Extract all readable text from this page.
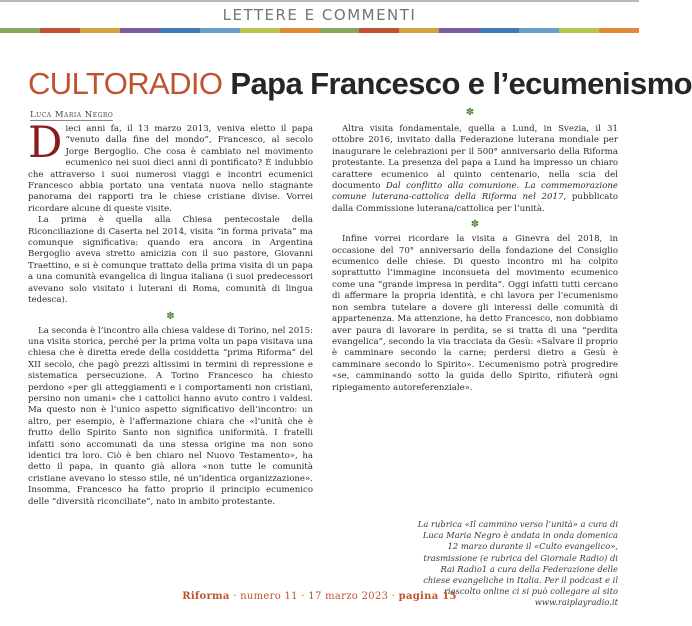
LETTERE E COMMENTI
CULTORADIO Papa Francesco e l’ecumenismo
Luca Maria Negro	✽

Dieci anni fa, il 13 marzo 2013, veniva eletto il papa “venuto dalla fine del mondo”, Francesco, al secolo Jorge Bergoglio. Che cosa è cambiato nel movimento ecumenico nei suoi dieci anni di pontificato? È indubbio che attraverso i suoi numerosi viaggi e incontri ecumenici Francesco abbia portato una ventata nuova nello stagnante panorama dei rapporti tra le chiese cristiane divise. Vorrei ricordare alcune di queste visite.

La prima è quella alla Chiesa pentecostale della Riconciliazione di Caserta nel 2014, visita “in forma privata” ma comunque significativa: quando era ancora in Argentina Bergoglio aveva stretto amicizia con il suo pastore, Giovanni Traettino, e si è comunque trattato della prima visita di un papa a una comunità evangelica di lingua italiana (i suoi predecessori avevano solo visitato i luterani di Roma, comunità di lingua tedesca).

✽

La seconda è l’incontro alla chiesa valdese di Torino, nel 2015: una visita storica, perché per la prima volta un papa visitava una chiesa che è diretta erede della cosiddetta “prima Riforma” del XII secolo, che pagò prezzi altissimi in termini di repressione e sistematica persecuzione. A Torino Francesco ha chiesto perdono «per gli atteggiamenti e i comportamenti non cristiani, persino non umani» che i cattolici hanno avuto contro i valdesi. Ma questo non è l’unico aspetto significativo dell’incontro: un altro, per esempio, è l’affermazione chiara che «l’unità che è frutto dello Spirito Santo non significa uniformità. I fratelli infatti sono accomunati da una stessa origine ma non sono identici tra loro. Ciò è ben chiaro nel Nuovo Testamento», ha detto il papa, in quanto già allora «non tutte le comunità cristiane avevano lo stesso stile, né un’identica organizzazione». Insomma, Francesco ha fatto proprio il principio ecumenico delle “diversità riconciliate”, nato in ambito protestante.

Altra visita fondamentale, quella a Lund, in Svezia, il 31 ottobre 2016, invitato dalla Federazione luterana mondiale per inaugurare le celebrazioni per il 500° anniversario della Riforma protestante. La presenza del papa a Lund ha impresso un chiaro carattere ecumenico al quinto centenario, nella scia del documento Dal conflitto alla comunione. La commemorazione comune luterana-cattolica della Riforma nel 2017, pubblicato dalla Commissione luterana/cattolica per l’unità.

✽

Infine vorrei ricordare la visita a Ginevra del 2018, in occasione del 70° anniversario della fondazione del Consiglio ecumenico delle chiese. Di questo incontro mi ha colpito soprattutto l’immagine inconsueta del movimento ecumenico come una “grande impresa in perdita”. Oggi infatti tutti cercano di affermare la propria identità, e chi lavora per l’ecumenismo non sembra tutelare a dovere gli interessi delle comunità di appartenenza. Ma attenzione, ha detto Francesco, non dobbiamo aver paura di lavorare in perdita, se si tratta di una “perdita evangelica”, secondo la via tracciata da Gesù: «Salvare il proprio è camminare secondo la carne; perdersi dietro a Gesù è camminare secondo lo Spirito». L’ecumenismo potrà progredire «se, camminando sotto la guida dello Spirito, rifiuterà ogni ripiegamento autoreferenziale».

La rubrica «Il cammino verso l’unità» a cura di Luca Maria Negro è andata in onda domenica 12 marzo durante il «Culto evangelico», trasmissione (e rubrica del Giornale Radio) di Rai Radio1 a cura della Federazione delle chiese evangeliche in Italia. Per il podcast e il riascolto online ci si può collegare al sito www.raiplayradio.it
Riforma · numero 11 · 17 marzo 2023 · pagina 15
